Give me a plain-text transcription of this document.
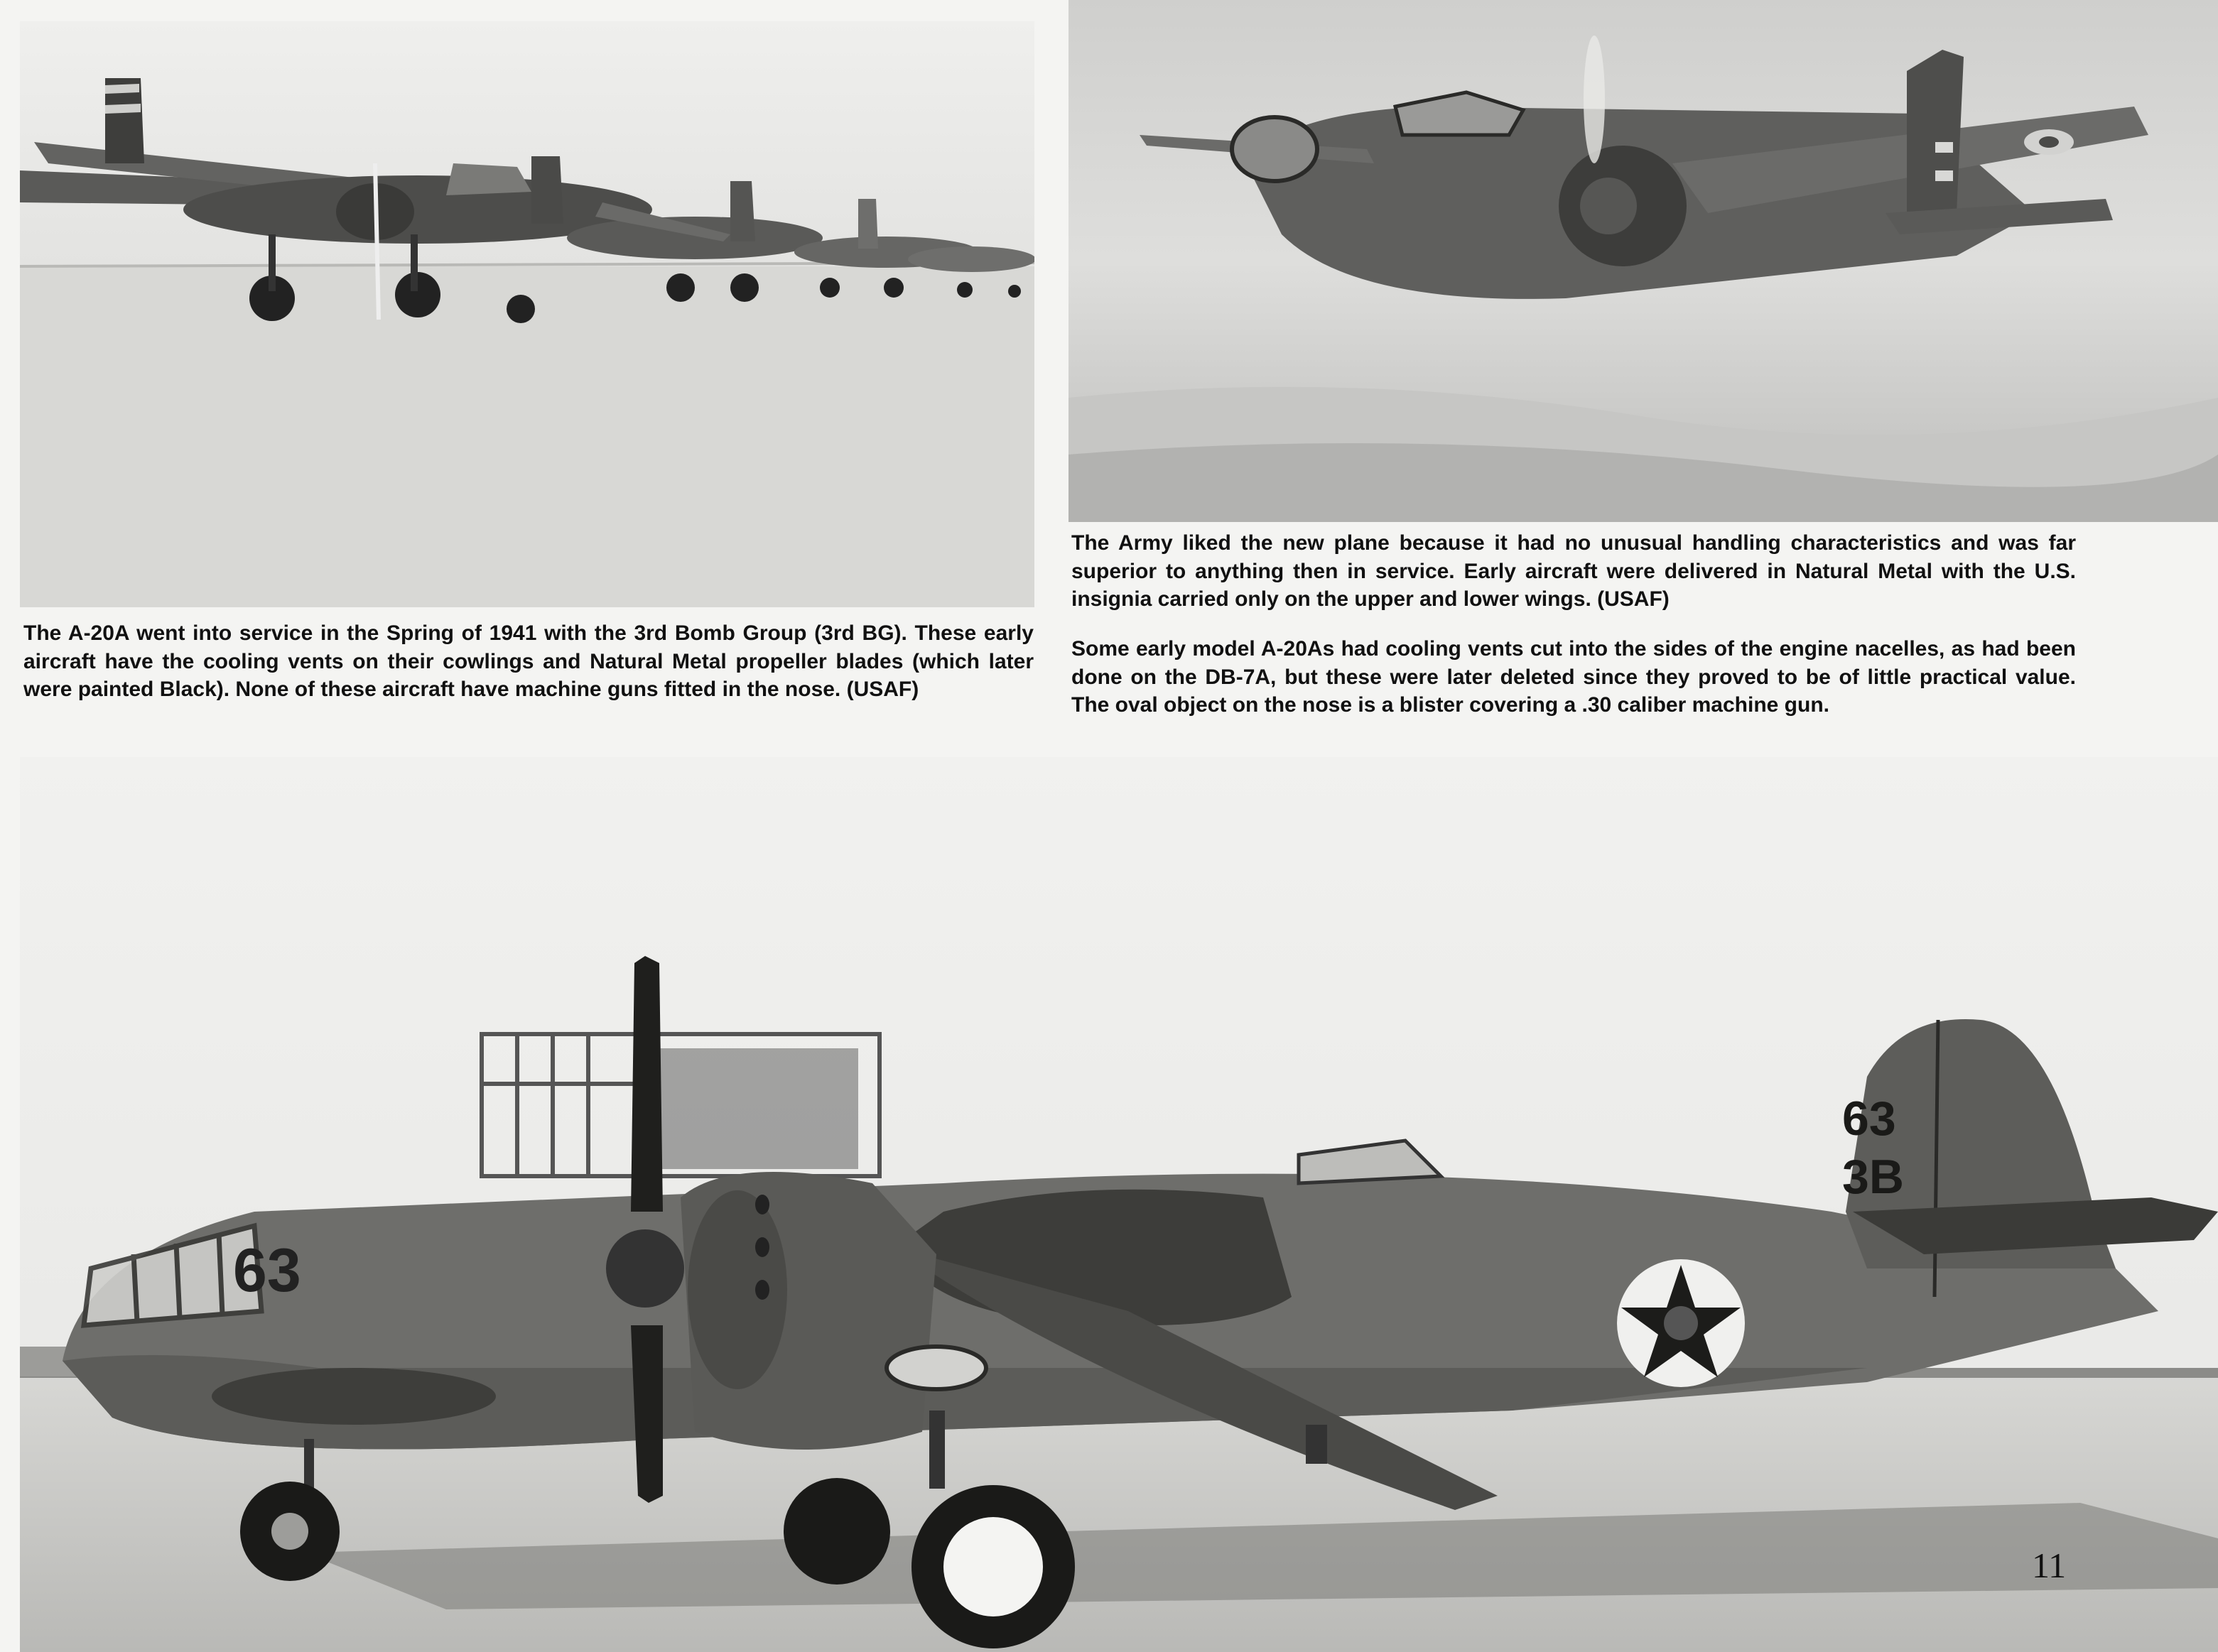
The A-20A went into service in the Spring of 1941 with the 3rd Bomb Group (3rd BG). These early aircraft have the cooling vents on their cowlings and Natural Metal propeller blades (which later were painted Black). None of these aircraft have machine guns fitted in the nose. (USAF)

The Army liked the new plane because it had no unusual handling characteristics and was far superior to anything then in service. Early aircraft were delivered in Natural Metal with the U.S. insignia carried only on the upper and lower wings. (USAF)

Some early model A-20As had cooling vents cut into the sides of the engine nacelles, as had been done on the DB-7A, but these were later deleted since they proved to be of little practical value. The oval object on the nose is a blister covering a .30 caliber machine gun.

63
63
3B
11
